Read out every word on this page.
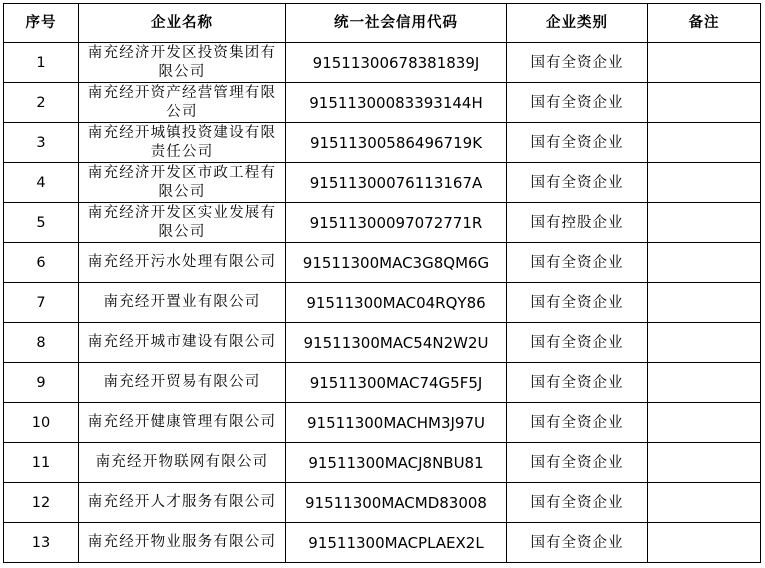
序号	企业名称	统一社会信用代码	企业类别	备注
1	南充经济开发区投资集团有限公司	91511300678381839J	国有全资企业	
2	南充经开资产经营管理有限公司	91511300083393144H	国有全资企业	
3	南充经开城镇投资建设有限责任公司	91511300586496719K	国有全资企业	
4	南充经济开发区市政工程有限公司	91511300076113167A	国有全资企业	
5	南充经济开发区实业发展有限公司	91511300097072771R	国有控股企业	
6	南充经开污水处理有限公司	91511300MAC3G8QM6G	国有全资企业	
7	南充经开置业有限公司	91511300MAC04RQY86	国有全资企业	
8	南充经开城市建设有限公司	91511300MAC54N2W2U	国有全资企业	
9	南充经开贸易有限公司	91511300MAC74G5F5J	国有全资企业	
10	南充经开健康管理有限公司	91511300MACHM3J97U	国有全资企业	
11	南充经开物联网有限公司	91511300MACJ8NBU81	国有全资企业	
12	南充经开人才服务有限公司	91511300MACMD83008	国有全资企业	
13	南充经开物业服务有限公司	91511300MACPLAEX2L	国有全资企业	
